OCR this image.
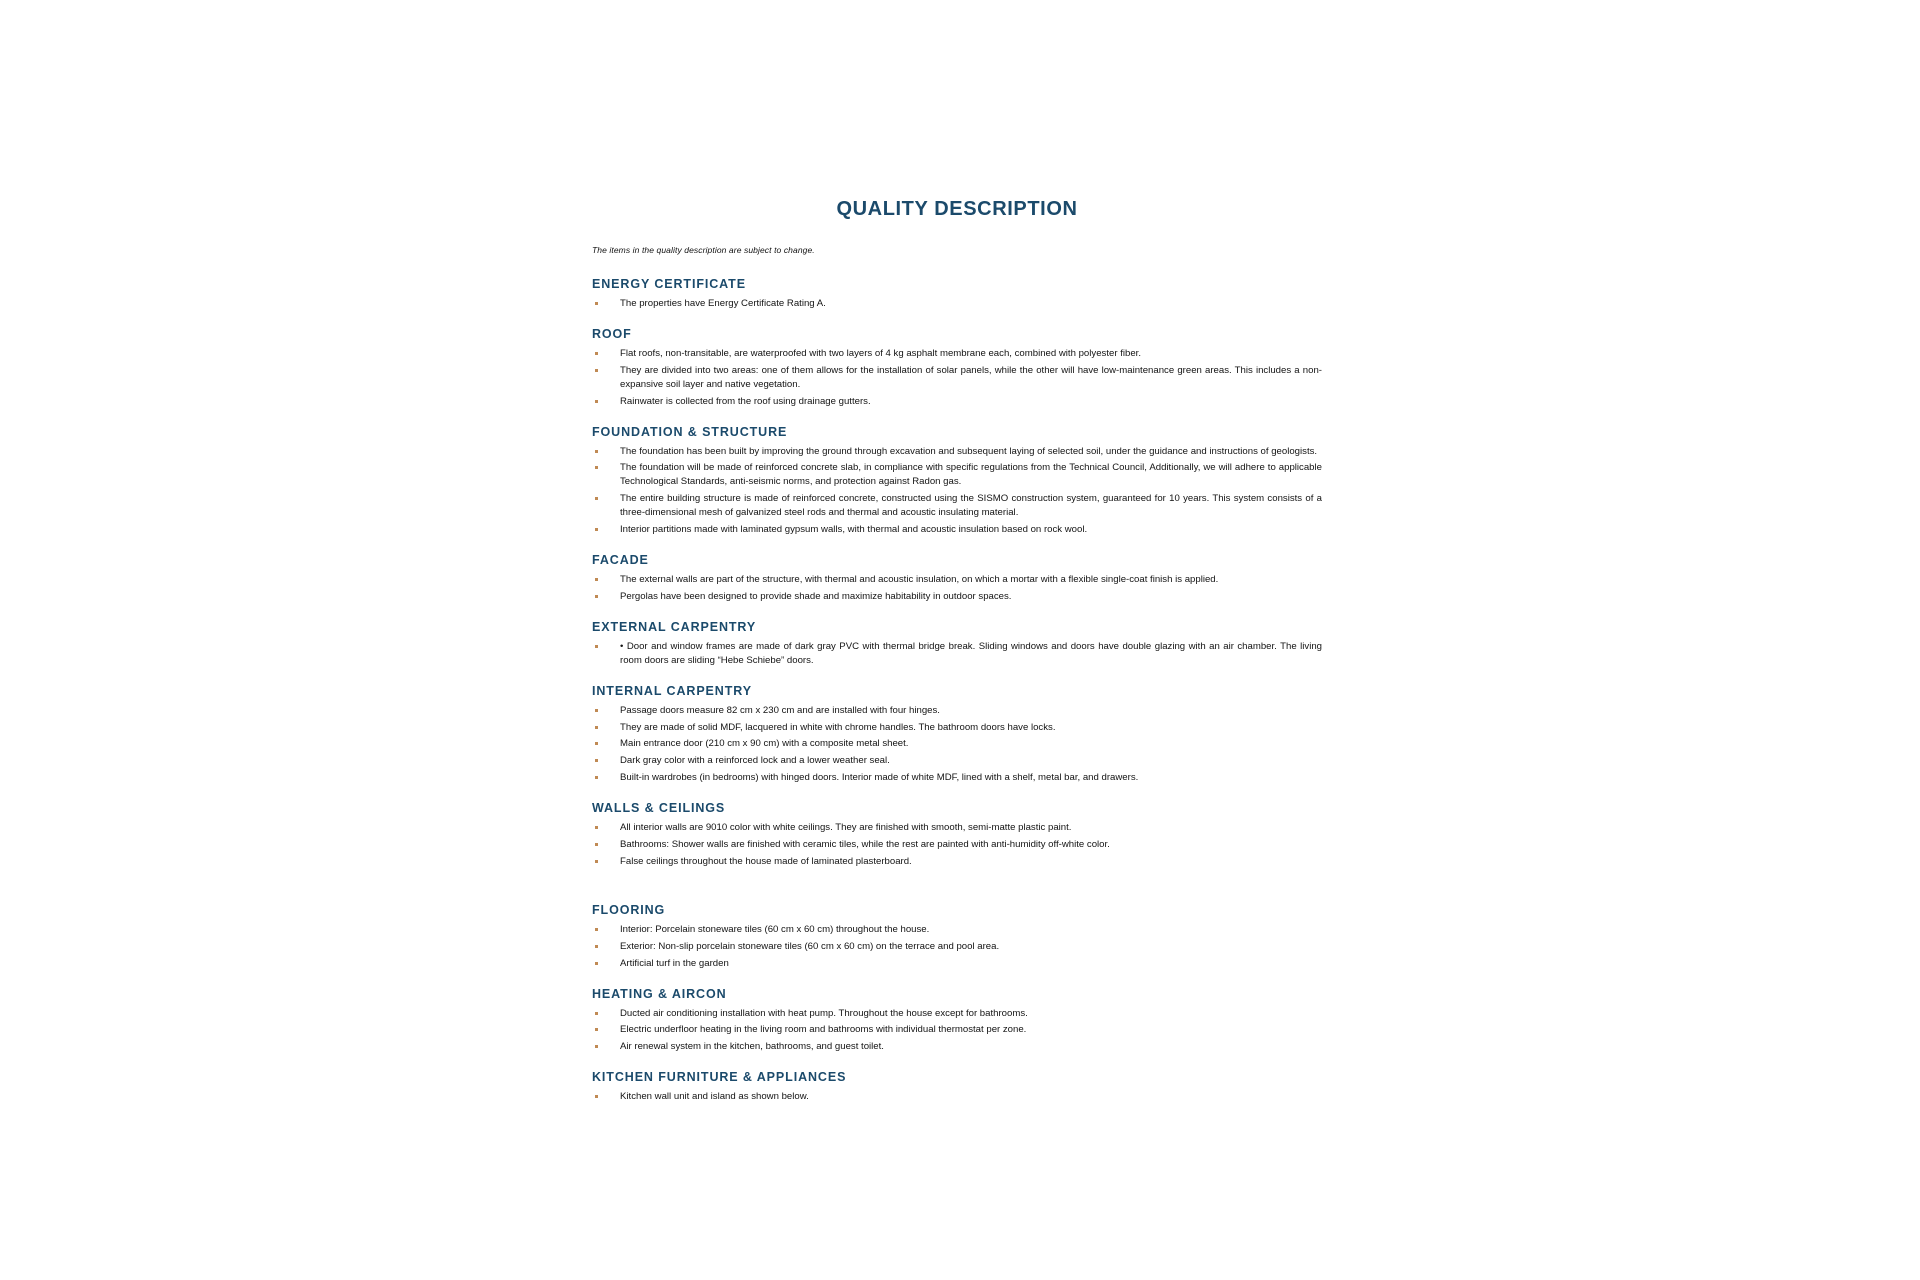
QUALITY DESCRIPTION

The items in the quality description are subject to change.

ENERGY CERTIFICATE
The properties have Energy Certificate Rating A.
ROOF
Flat roofs, non-transitable, are waterproofed with two layers of 4 kg asphalt membrane each, combined with polyester fiber.
They are divided into two areas: one of them allows for the installation of solar panels, while the other will have low-maintenance green areas. This includes a non-expansive soil layer and native vegetation.
Rainwater is collected from the roof using drainage gutters.
FOUNDATION & STRUCTURE
The foundation has been built by improving the ground through excavation and subsequent laying of selected soil, under the guidance and instructions of geologists.
The foundation will be made of reinforced concrete slab, in compliance with specific regulations from the Technical Council, Additionally, we will adhere to applicable Technological Standards, anti-seismic norms, and protection against Radon gas.
The entire building structure is made of reinforced concrete, constructed using the SISMO construction system, guaranteed for 10 years. This system consists of a three-dimensional mesh of galvanized steel rods and thermal and acoustic insulating material.
Interior partitions made with laminated gypsum walls, with thermal and acoustic insulation based on rock wool.
FACADE
The external walls are part of the structure, with thermal and acoustic insulation, on which a mortar with a flexible single-coat finish is applied.
Pergolas have been designed to provide shade and maximize habitability in outdoor spaces.
EXTERNAL CARPENTRY
• Door and window frames are made of dark gray PVC with thermal bridge break. Sliding windows and doors have double glazing with an air chamber. The living room doors are sliding “Hebe Schiebe” doors.
INTERNAL CARPENTRY
Passage doors measure 82 cm x 230 cm and are installed with four hinges.
They are made of solid MDF, lacquered in white with chrome handles. The bathroom doors have locks.
Main entrance door (210 cm x 90 cm) with a composite metal sheet.
Dark gray color with a reinforced lock and a lower weather seal.
Built-in wardrobes (in bedrooms) with hinged doors. Interior made of white MDF, lined with a shelf, metal bar, and drawers.
WALLS & CEILINGS
All interior walls are 9010 color with white ceilings. They are finished with smooth, semi-matte plastic paint.
Bathrooms: Shower walls are finished with ceramic tiles, while the rest are painted with anti-humidity off-white color.
False ceilings throughout the house made of laminated plasterboard.
FLOORING
Interior: Porcelain stoneware tiles (60 cm x 60 cm) throughout the house.
Exterior: Non-slip porcelain stoneware tiles (60 cm x 60 cm) on the terrace and pool area.
Artificial turf in the garden
HEATING & AIRCON
Ducted air conditioning installation with heat pump. Throughout the house except for bathrooms.
Electric underfloor heating in the living room and bathrooms with individual thermostat per zone.
Air renewal system in the kitchen, bathrooms, and guest toilet.
KITCHEN FURNITURE & APPLIANCES
Kitchen wall unit and island as shown below.
